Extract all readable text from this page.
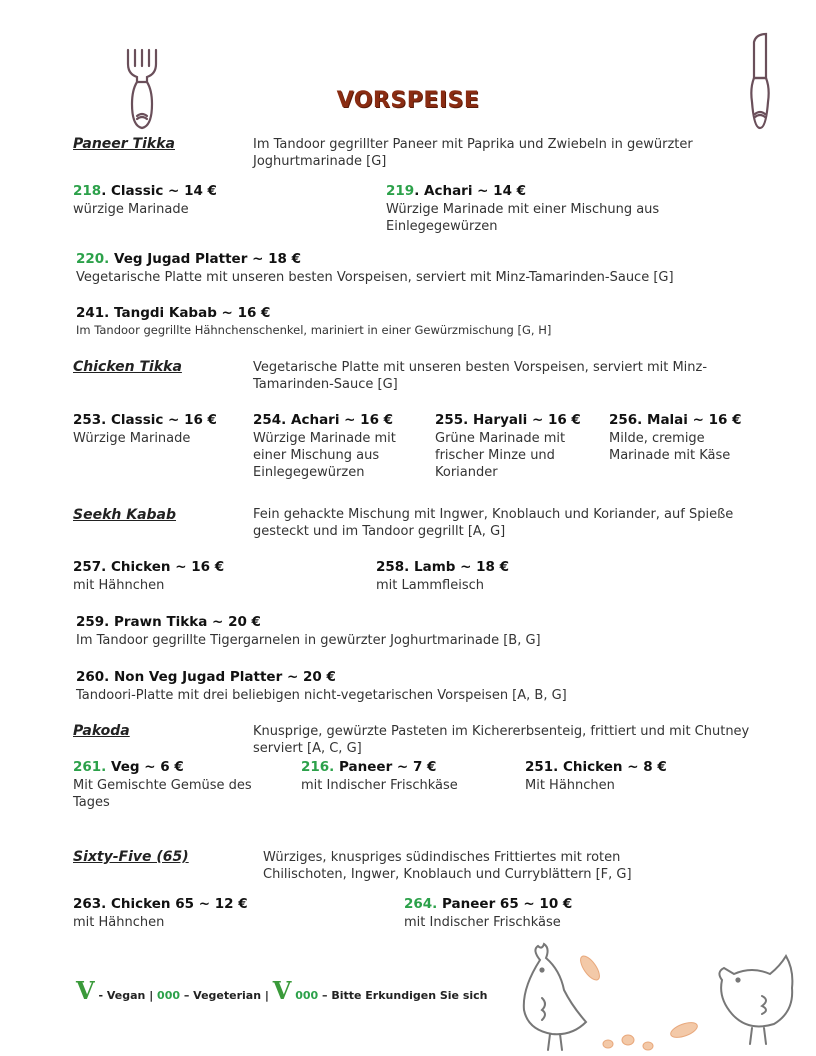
VORSPEISE
Paneer Tikka	Im Tandoor gegrillter Paneer mit Paprika und Zwiebeln in gewürzter Joghurtmarinade [G]
218. Classic ~ 14 €
würzige Marinade
219. Achari ~ 14 €
Würzige Marinade mit einer Mischung aus Einlegegewürzen
220. Veg Jugad Platter ~ 18 €
Vegetarische Platte mit unseren besten Vorspeisen, serviert mit Minz-Tamarinden-Sauce [G]
241. Tangdi Kabab ~ 16 €
Im Tandoor gegrillte Hähnchenschenkel, mariniert in einer Gewürzmischung [G, H]
Chicken Tikka	Vegetarische Platte mit unseren besten Vorspeisen, serviert mit Minz-Tamarinden-Sauce [G]
253. Classic ~ 16 €
Würzige Marinade
254. Achari ~ 16 €
Würzige Marinade mit einer Mischung aus Einlegegewürzen
255. Haryali ~ 16 €
Grüne Marinade mit frischer Minze und Koriander
256. Malai ~ 16 €
Milde, cremige Marinade mit Käse
Seekh Kabab	Fein gehackte Mischung mit Ingwer, Knoblauch und Koriander, auf Spieße gesteckt und im Tandoor gegrillt [A, G]
257. Chicken ~ 16 €
mit Hähnchen
258. Lamb ~ 18 €
mit Lammfleisch
259. Prawn Tikka ~ 20 €
Im Tandoor gegrillte Tigergarnelen in gewürzter Joghurtmarinade [B, G]
260. Non Veg Jugad Platter ~ 20 €
Tandoori-Platte mit drei beliebigen nicht-vegetarischen Vorspeisen [A, B, G]
Pakoda	Knusprige, gewürzte Pasteten im Kichererbsenteig, frittiert und mit Chutney serviert [A, C, G]
261. Veg ~ 6 €
Mit Gemischte Gemüse des Tages
216. Paneer ~ 7 €
mit Indischer Frischkäse
251. Chicken ~ 8 €
Mit Hähnchen
Sixty-Five (65)	Würziges, knuspriges südindisches Frittiertes mit roten Chilischoten, Ingwer, Knoblauch und Curryblättern [F, G]
263. Chicken 65 ~ 12 €
mit Hähnchen
264. Paneer 65 ~ 10 €
mit Indischer Frischkäse
V - Vegan | 000 – Vegeterian | V 000 – Bitte Erkundigen Sie sich
